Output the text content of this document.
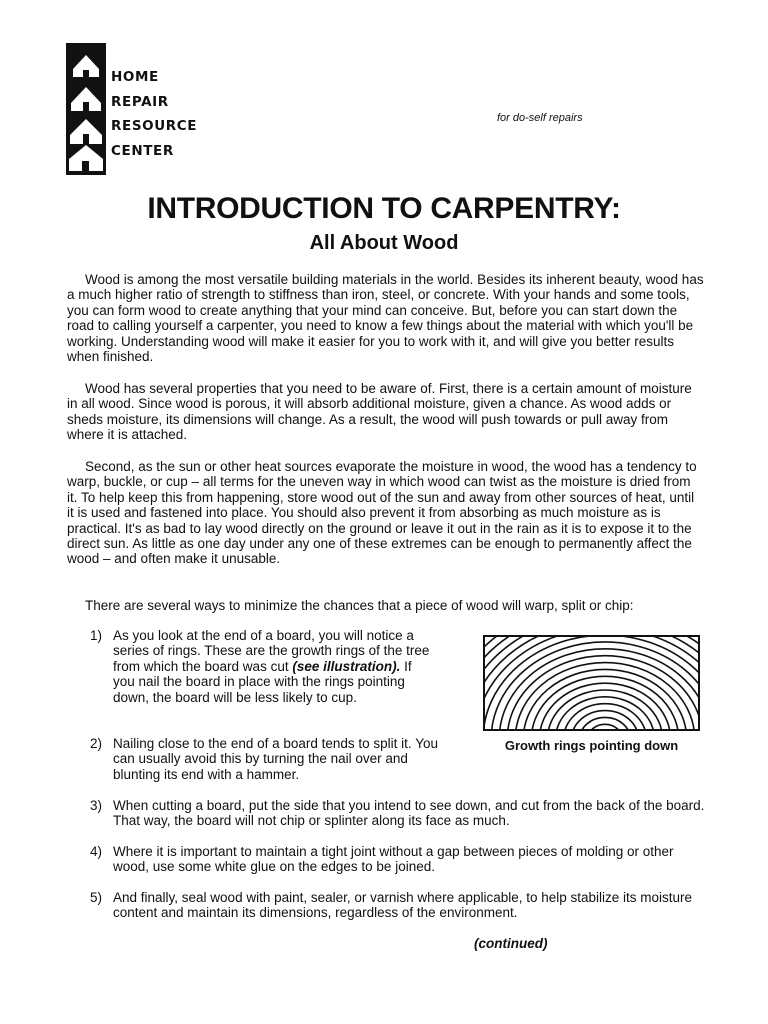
HOME
REPAIR
RESOURCE
CENTER
for do-self repairs
INTRODUCTION TO CARPENTRY:
All About Wood

Wood is among the most versatile building materials in the world. Besides its inherent beauty, wood has a much higher ratio of strength to stiffness than iron, steel, or concrete. With your hands and some tools, you can form wood to create anything that your mind can conceive. But, before you can start down the road to calling yourself a carpenter, you need to know a few things about the material with which you'll be working. Understanding wood will make it easier for you to work with it, and will give you better results when finished.

Wood has several properties that you need to be aware of. First, there is a certain amount of moisture in all wood. Since wood is porous, it will absorb additional moisture, given a chance. As wood adds or sheds moisture, its dimensions will change. As a result, the wood will push towards or pull away from where it is attached.

Second, as the sun or other heat sources evaporate the moisture in wood, the wood has a tendency to warp, buckle, or cup – all terms for the uneven way in which wood can twist as the moisture is dried from it. To help keep this from happening, store wood out of the sun and away from other sources of heat, until it is used and fastened into place. You should also prevent it from absorbing as much moisture as is practical. It's as bad to lay wood directly on the ground or leave it out in the rain as it is to expose it to the direct sun. As little as one day under any one of these extremes can be enough to permanently affect the wood – and often make it unusable.

There are several ways to minimize the chances that a piece of wood will warp, split or chip:

1) As you look at the end of a board, you will notice a series of rings. These are the growth rings of the tree from which the board was cut (see illustration). If you nail the board in place with the rings pointing down, the board will be less likely to cup.
2) Nailing close to the end of a board tends to split it. You can usually avoid this by turning the nail over and blunting its end with a hammer.
3) When cutting a board, put the side that you intend to see down, and cut from the back of the board. That way, the board will not chip or splinter along its face as much.
4) Where it is important to maintain a tight joint without a gap between pieces of molding or other wood, use some white glue on the edges to be joined.
5) And finally, seal wood with paint, sealer, or varnish where applicable, to help stabilize its moisture content and maintain its dimensions, regardless of the environment.
Growth rings pointing down
(continued)
